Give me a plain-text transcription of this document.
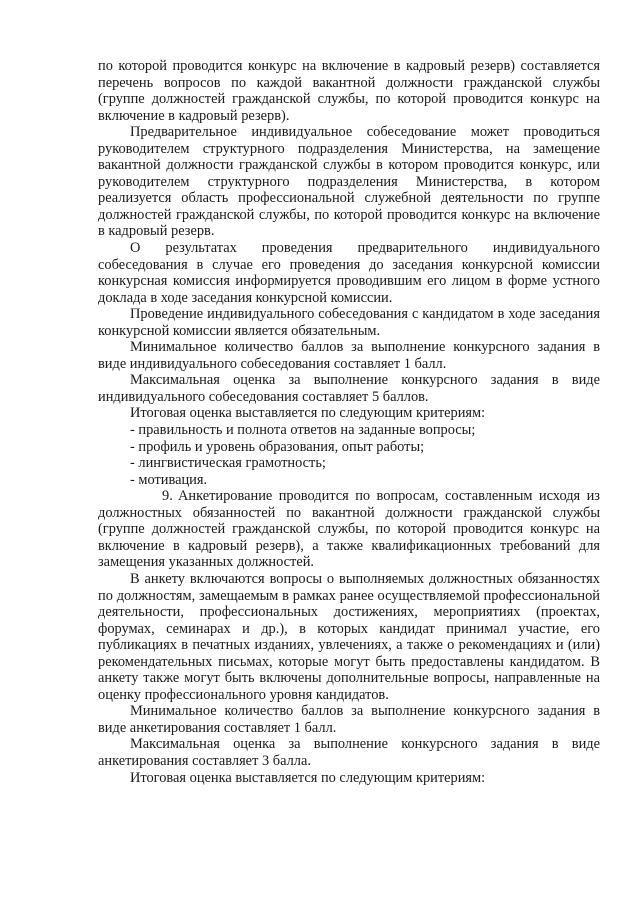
по которой проводится конкурс на включение в кадровый резерв) составляется перечень вопросов по каждой вакантной должности гражданской службы (группе должностей гражданской службы, по которой проводится конкурс на включение в кадровый резерв).

Предварительное индивидуальное собеседование может проводиться руководителем структурного подразделения Министерства, на замещение вакантной должности гражданской службы в котором проводится конкурс, или руководителем структурного подразделения Министерства, в котором реализуется область профессиональной служебной деятельности по группе должностей гражданской службы, по которой проводится конкурс на включение в кадровый резерв.

О результатах проведения предварительного индивидуального собеседования в случае его проведения до заседания конкурсной комиссии конкурсная комиссия информируется проводившим его лицом в форме устного доклада в ходе заседания конкурсной комиссии.

Проведение индивидуального собеседования с кандидатом в ходе заседания конкурсной комиссии является обязательным.

Минимальное количество баллов за выполнение конкурсного задания в виде индивидуального собеседования составляет 1 балл.

Максимальная оценка за выполнение конкурсного задания в виде индивидуального собеседования составляет 5 баллов.

Итоговая оценка выставляется по следующим критериям:

- правильность и полнота ответов на заданные вопросы;

- профиль и уровень образования, опыт работы;

- лингвистическая грамотность;

- мотивация.

9. Анкетирование проводится по вопросам, составленным исходя из должностных обязанностей по вакантной должности гражданской службы (группе должностей гражданской службы, по которой проводится конкурс на включение в кадровый резерв), а также квалификационных требований для замещения указанных должностей.

В анкету включаются вопросы о выполняемых должностных обязанностях по должностям, замещаемым в рамках ранее осуществляемой профессиональной деятельности, профессиональных достижениях, мероприятиях (проектах, форумах, семинарах и др.), в которых кандидат принимал участие, его публикациях в печатных изданиях, увлечениях, а также о рекомендациях и (или) рекомендательных письмах, которые могут быть предоставлены кандидатом. В анкету также могут быть включены дополнительные вопросы, направленные на оценку профессионального уровня кандидатов.

Минимальное количество баллов за выполнение конкурсного задания в виде анкетирования составляет 1 балл.

Максимальная оценка за выполнение конкурсного задания в виде анкетирования составляет 3 балла.

Итоговая оценка выставляется по следующим критериям:
